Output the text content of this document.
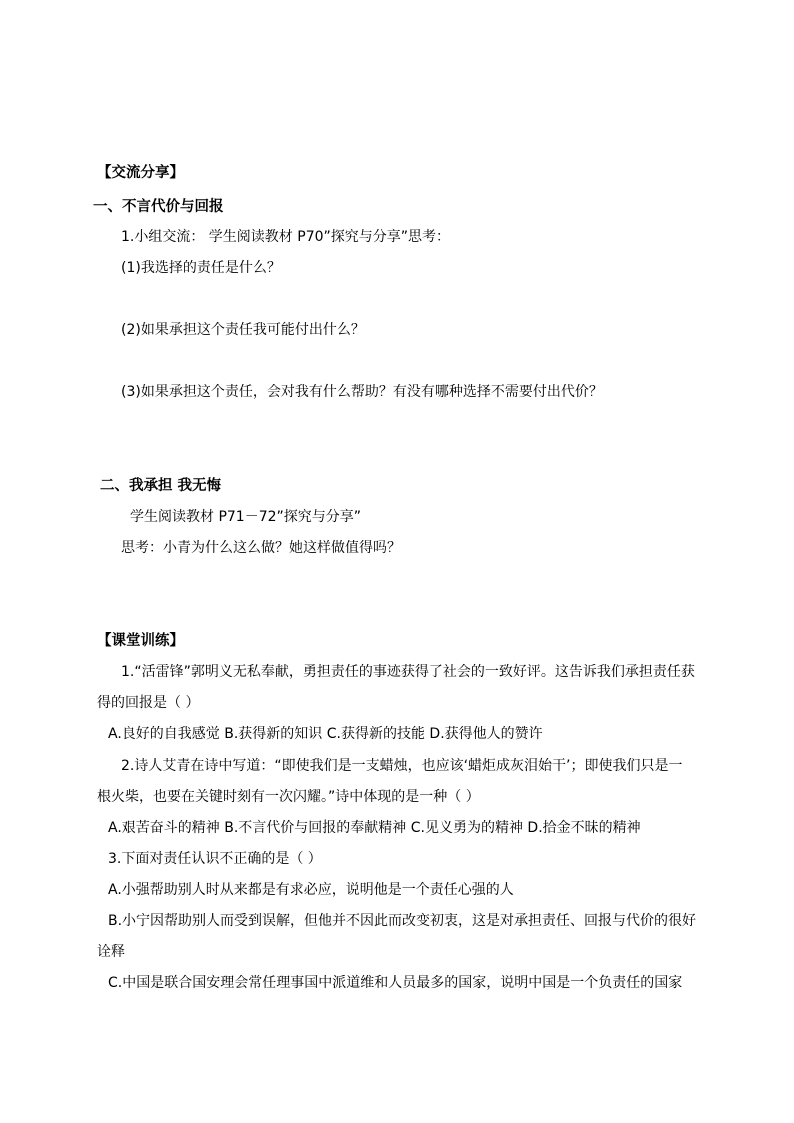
【交流分享】
一、不言代价与回报
1.小组交流： 学生阅读教材 P70”探究与分享”思考：
(1)我选择的责任是什么？
(2)如果承担这个责任我可能付出什么？
(3)如果承担这个责任，会对我有什么帮助？有没有哪种选择不需要付出代价？
二、我承担 我无悔
学生阅读教材 P71－72”探究与分享”
思考：小青为什么这么做？她这样做值得吗？
【课堂训练】
1.“活雷锋”郭明义无私奉献，勇担责任的事迹获得了社会的一致好评。这告诉我们承担责任获
得的回报是（ ）
A.良好的自我感觉 B.获得新的知识 C.获得新的技能 D.获得他人的赞许
2.诗人艾青在诗中写道：“即使我们是一支蜡烛，也应该‘蜡炬成灰泪始干’；即使我们只是一
根火柴，也要在关键时刻有一次闪耀。”诗中体现的是一种（ ）
A.艰苦奋斗的精神 B.不言代价与回报的奉献精神 C.见义勇为的精神 D.拾金不昧的精神
3.下面对责任认识不正确的是（ ）
A.小强帮助别人时从来都是有求必应，说明他是一个责任心强的人
B.小宁因帮助别人而受到误解，但他并不因此而改变初衷，这是对承担责任、回报与代价的很好
诠释
C.中国是联合国安理会常任理事国中派道维和人员最多的国家，说明中国是一个负责任的国家
